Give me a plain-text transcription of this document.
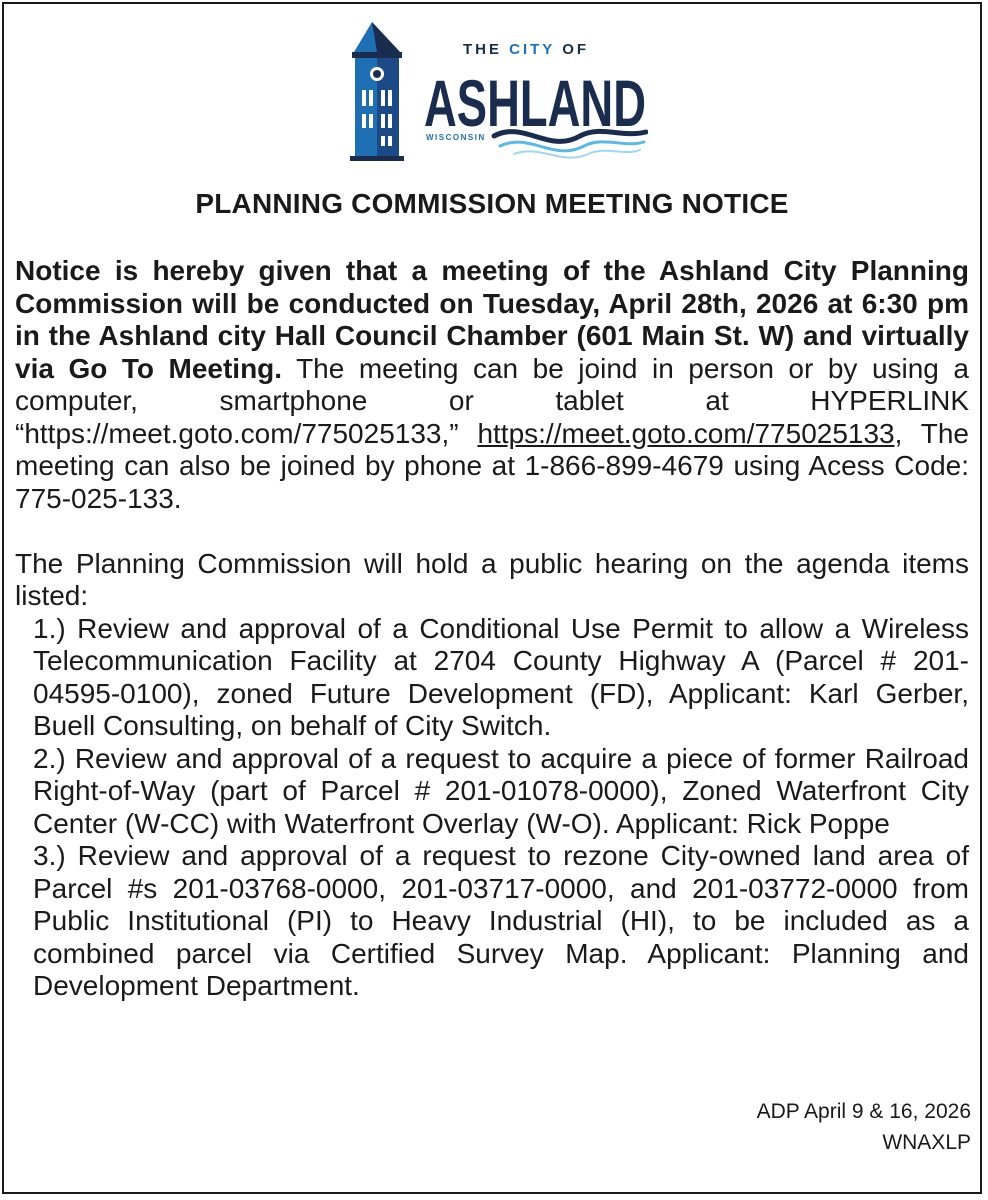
THE CITY OF
ASHLAND
WISCONSIN
PLANNING COMMISSION MEETING NOTICE

Notice is hereby given that a meeting of the Ashland City Planning Commission will be conducted on Tuesday, April 28th, 2026 at 6:30 pm in the Ashland city Hall Council Chamber (601 Main St. W) and virtually via Go To Meeting. The meeting can be joind in person or by using a computer, smartphone or tablet at HYPERLINK “https://meet.goto.com/775025133,” https://meet.goto.com/775025133, The meeting can also be joined by phone at 1-866-899-4679 using Acess Code: 775-025-133.

The Planning Commission will hold a public hearing on the agenda items listed:

1.) Review and approval of a Conditional Use Permit to allow a Wireless Telecommunication Facility at 2704 County Highway A (Parcel # 201-04595-0100), zoned Future Development (FD), Applicant: Karl Gerber, Buell Consulting, on behalf of City Switch.

2.) Review and approval of a request to acquire a piece of former Railroad Right-of-Way (part of Parcel # 201-01078-0000), Zoned Waterfront City Center (W-CC) with Waterfront Overlay (W-O). Applicant: Rick Poppe

3.) Review and approval of a request to rezone City-owned land area of Parcel #s 201-03768-0000, 201-03717-0000, and 201-03772-0000 from Public Institutional (PI) to Heavy Industrial (HI), to be included as a combined parcel via Certified Survey Map. Applicant: Planning and Development Department.

ADP April 9 & 16, 2026
WNAXLP
